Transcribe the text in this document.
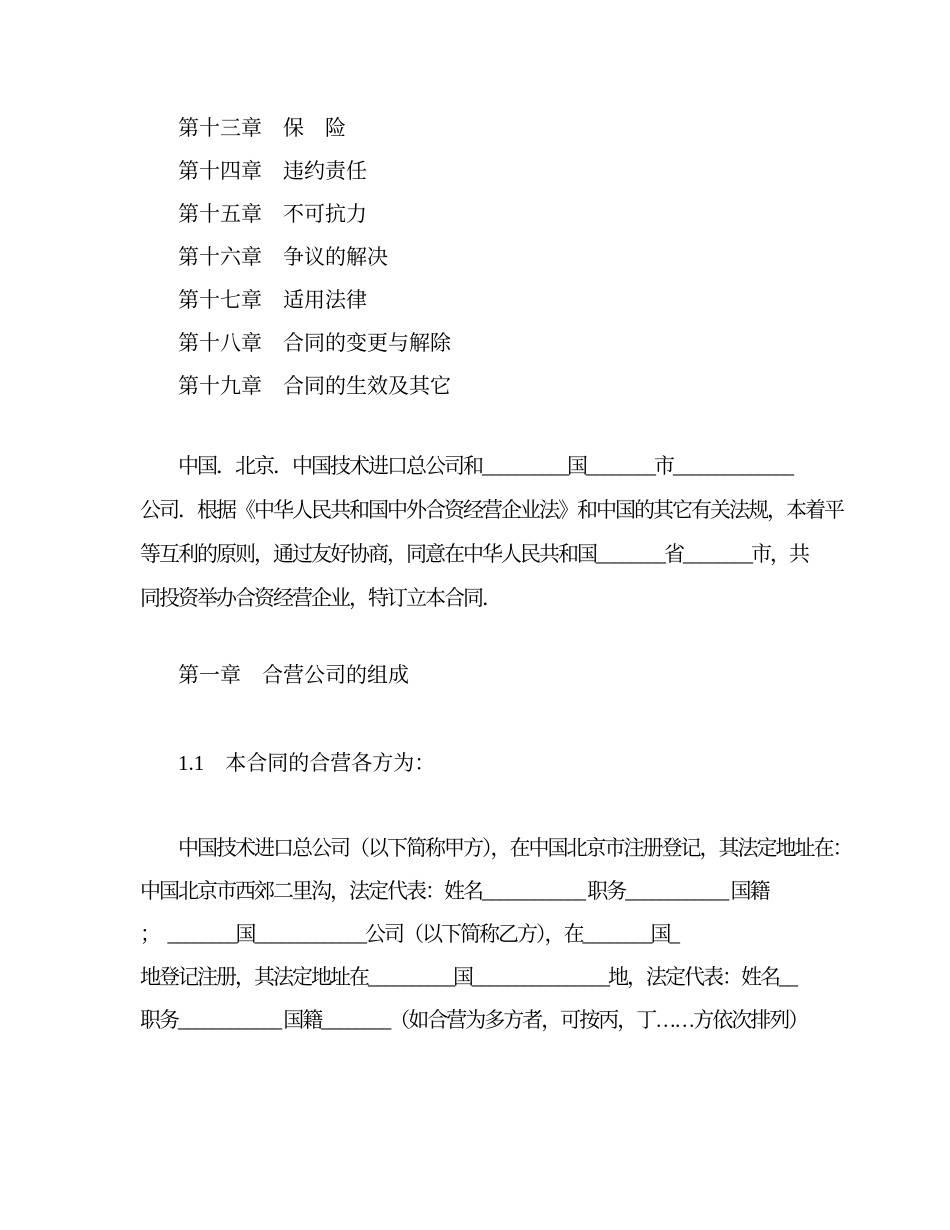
第十三章　保　险
第十四章　违约责任
第十五章　不可抗力
第十六章　争议的解决
第十七章　适用法律
第十八章　合同的变更与解除
第十九章　合同的生效及其它
中国．北京．中国技术进口总公司和__________国________市______________
公司．根据《中华人民共和国中外合资经营企业法》和中国的其它有关法规，本着平
等互利的原则，通过友好协商，同意在中华人民共和国________省________市，共
同投资举办合资经营企业，特订立本合同．
第一章　合营公司的组成
1.1　本合同的合营各方为：
中国技术进口总公司（以下简称甲方），在中国北京市注册登记，其法定地址在：
中国北京市西郊二里沟，法定代表：姓名____________ 职务____________ 国籍
；　________国_____________公司（以下简称乙方），在________国_
地登记注册，其法定地址在__________国________________地，法定代表：姓名__
职务____________ 国籍________（如合营为多方者，可按丙，丁……方依次排列）
